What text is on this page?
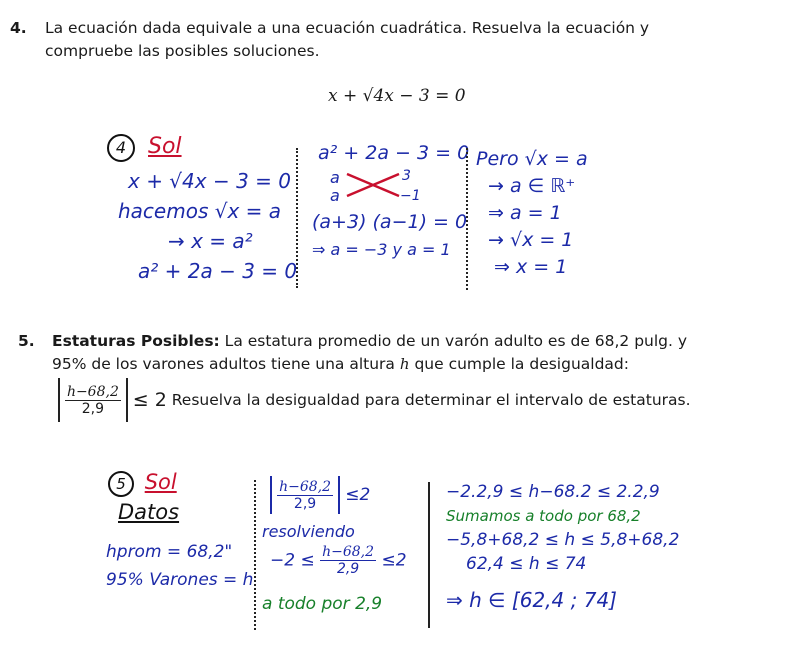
4. La ecuación dada equivale a una ecuación cuadrática. Resuelva la ecuación y
compruebe las posibles soluciones.
x + √4x − 3 = 0
4 Sol
x + √4x − 3 = 0
hacemos √x = a
→ x = a²
a² + 2a − 3 = 0
a² + 2a − 3 = 0
a
a
3
−1
(a+3) (a−1) = 0
⇒ a = −3 y a = 1
Pero √x = a
→ a ∈ ℝ⁺
⇒ a = 1
→ √x = 1
⇒ x = 1
5. Estaturas Posibles: La estatura promedio de un varón adulto es de 68,2 pulg. y
95% de los varones adultos tiene una altura h que cumple la desigualdad:

$\frac{h-68,2}{2,9} \le 2$ Resuelva la desigualdad para determinar el intervalo de estaturas.
5 Sol
Datos
hprom = 68,2"
95% Varones = h

$\frac{h-68,2}{2,9} \le 2$
resolviendo
$-2 \le \frac{h-68,2}{2,9} \le 2$
a todo por 2,9
−2.2,9 ≤ h−68.2 ≤ 2.2,9
Sumamos a todo por 68,2
−5,8+68,2 ≤ h ≤ 5,8+68,2
62,4 ≤ h ≤ 74
⇒ h ∈ [62,4 ; 74]
